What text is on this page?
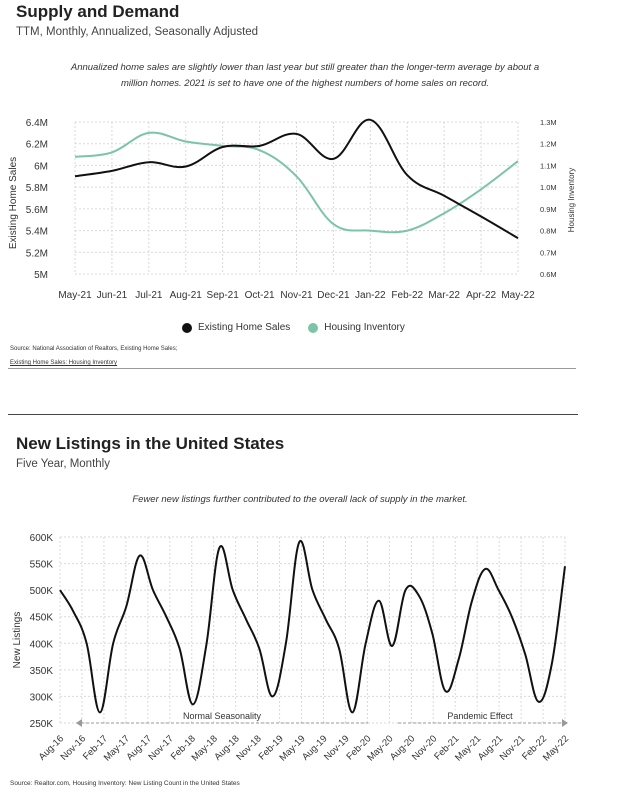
Supply and Demand
TTM, Monthly, Annualized, Seasonally Adjusted
Annualized home sales are slightly lower than last year but still greater than the longer-term average by about a
million homes. 2021 is set to have one of the highest numbers of home sales on record.
6.4M
6.2M
6M
5.8M
5.6M
5.4M
5.2M
5M
1.3M
1.2M
1.1M
1.0M
0.9M
0.8M
0.7M
0.6M
May-21 Jun-21 Jul-21 Aug-21 Sep-21 Oct-21 Nov-21 Dec-21 Jan-22 Feb-22 Mar-22 Apr-22 May-22
Existing Home Sales	Housing Inventory
Existing Home Sales	Housing Inventory
Source: National Association of Realtors, Existing Home Sales;
Existing Home Sales: Housing Inventory
New Listings in the United States
Five Year, Monthly
Fewer new listings further contributed to the overall lack of supply in the market.
600K
550K
500K
450K
400K
350K
300K
250K
Aug-16
Nov-16
Feb-17
May-17
Aug-17
Nov-17
Feb-18
May-18
Aug-18
Nov-18
Feb-19
May-19
Aug-19
Nov-19
Feb-20
May-20
Aug-20
Nov-20
Feb-21
May-21
Aug-21
Nov-21
Feb-22
May-22
New Listings
Normal Seasonality	Pandemic Effect
Source: Realtor.com, Housing Inventory: New Listing Count in the United States
